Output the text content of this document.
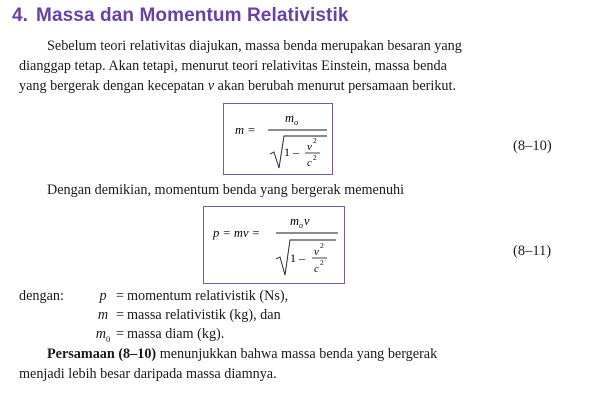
4. Massa dan Momentum Relativistik
Sebelum teori relativitas diajukan, massa benda merupakan besaran yang
dianggap tetap. Akan tetapi, menurut teori relativitas Einstein, massa benda
yang bergerak dengan kecepatan v akan berubah menurut persamaan berikut.
m =
m o
1 – v
2
c 2
(8–10)
Dengan demikian, momentum benda yang bergerak memenuhi
p = mv =
m o v
1 – v
2
c
2
(8–11)
dengan:	p = momentum relativistik (Ns),
m = massa relativistik (kg), dan
$m_0$ = massa diam (kg).
Persamaan (8–10) menunjukkan bahwa massa benda yang bergerak
menjadi lebih besar daripada massa diamnya.
